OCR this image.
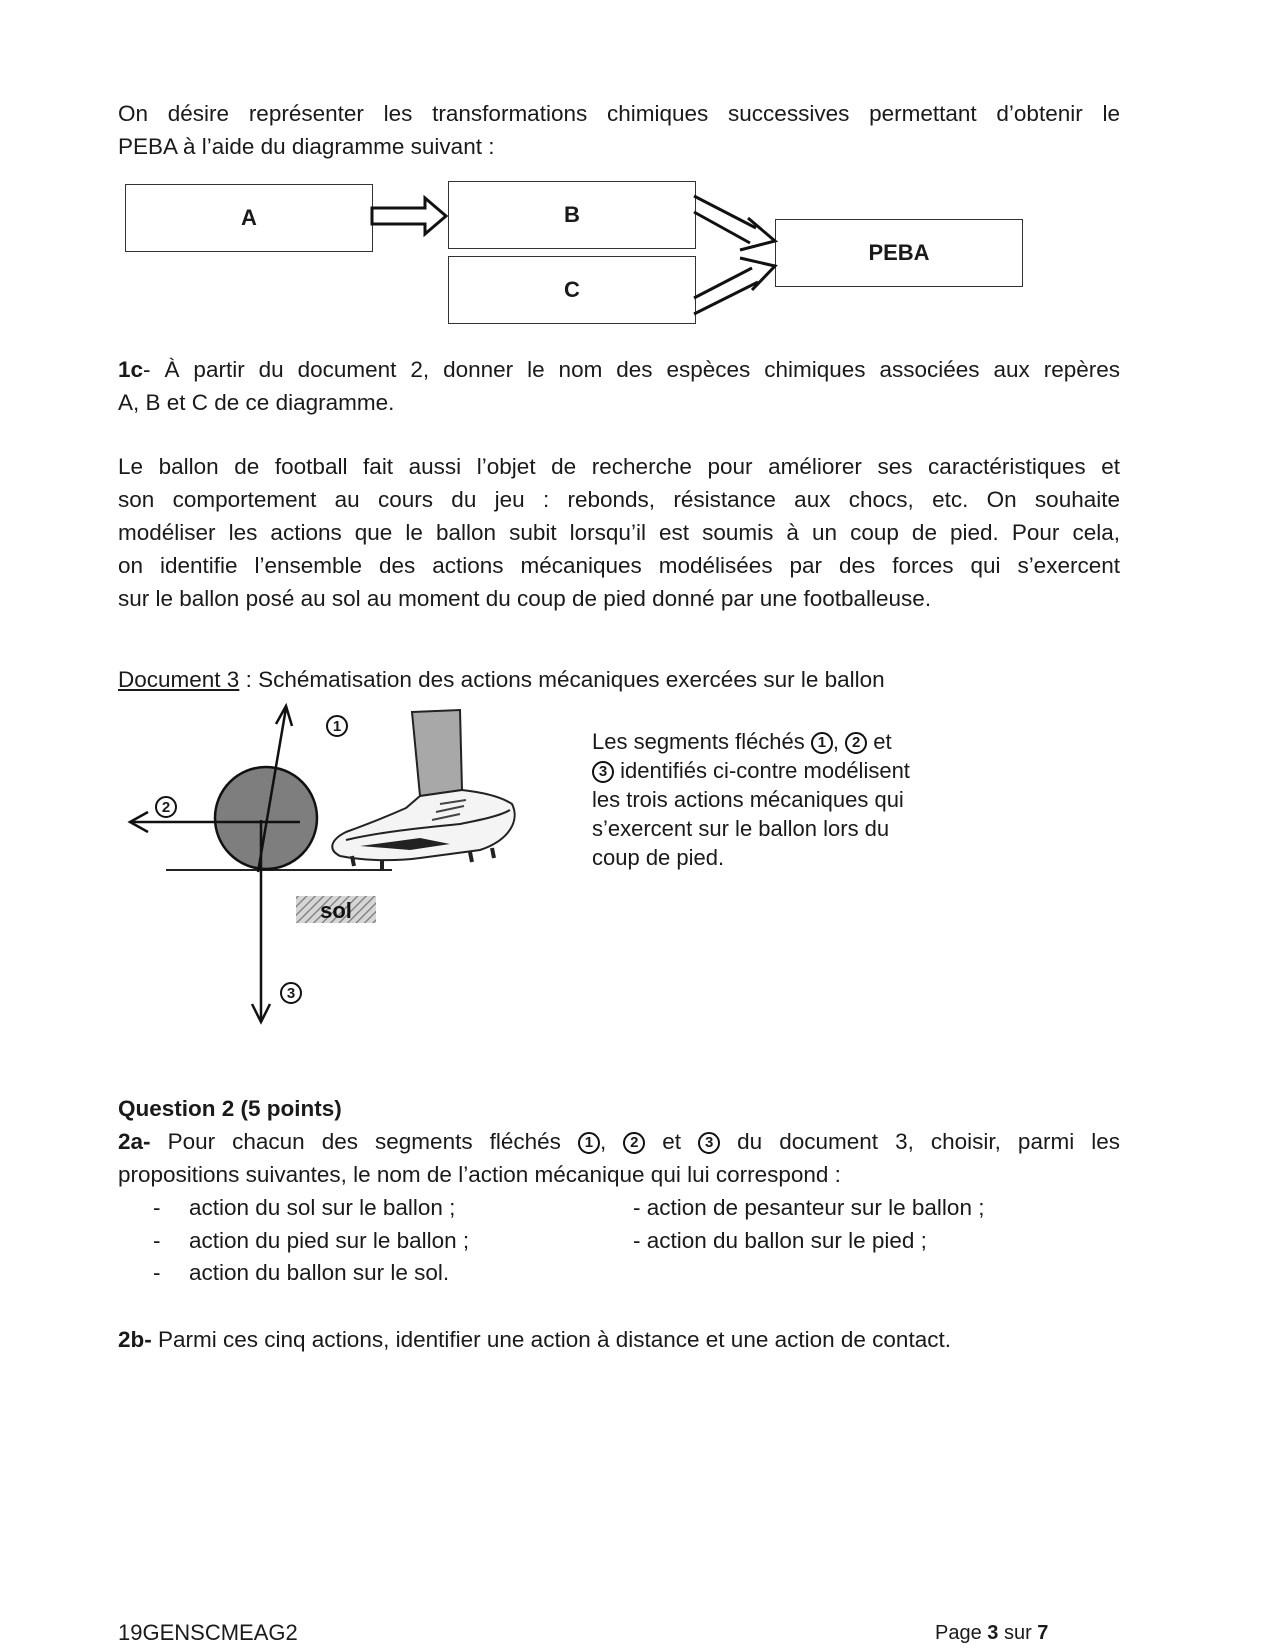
On désire représenter les transformations chimiques successives permettant d’obtenir le
PEBA à l’aide du diagramme suivant :
A	B
C
PEBA
1c- À partir du document 2, donner le nom des espèces chimiques associées aux repères
A, B et C de ce diagramme.
Le ballon de football fait aussi l’objet de recherche pour améliorer ses caractéristiques et
son comportement au cours du jeu : rebonds, résistance aux chocs, etc. On souhaite
modéliser les actions que le ballon subit lorsqu’il est soumis à un coup de pied. Pour cela,
on identifie l’ensemble des actions mécaniques modélisées par des forces qui s’exercent
sur le ballon posé au sol au moment du coup de pied donné par une footballeuse.
Document 3 : Schématisation des actions mécaniques exercées sur le ballon
sol
1
2
3
Les segments fléchés 1 , 2 et
3 identifiés ci-contre modélisent
les trois actions mécaniques qui
s’exercent sur le ballon lors du
coup de pied.
Question 2 (5 points)
2a- Pour chacun des segments fléchés 1 , 2 et 3 du document 3, choisir, parmi les
propositions suivantes, le nom de l’action mécanique qui lui correspond :
- action du sol sur le ballon ;	- action de pesanteur sur le ballon ;
- action du pied sur le ballon ;	- action du ballon sur le pied ;
- action du ballon sur le sol.
2b- Parmi ces cinq actions, identifier une action à distance et une action de contact.
19GENSCMEAG2	Page 3 sur 7
